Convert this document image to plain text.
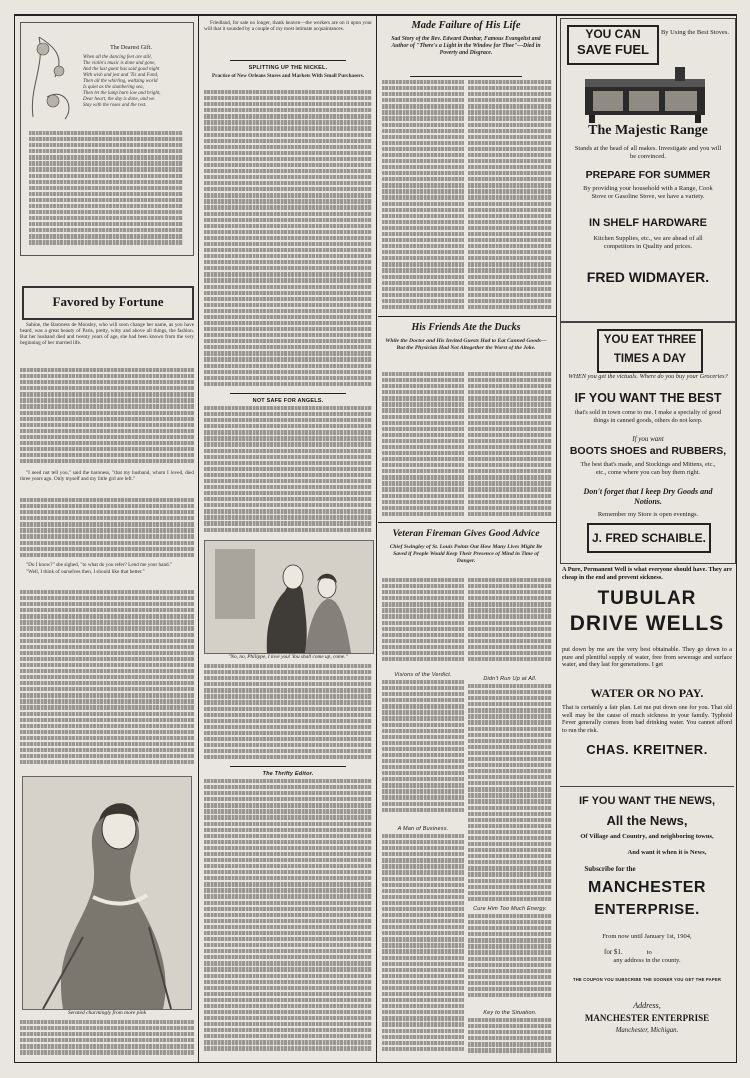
The Dearest Gift.
When all the dancing feet are still,
The violin's music is done and gone,
And the last guest has said good night
With wish and jest and 'Tis and Fond,
Then all the whirling, waltzing world
Is quiet as the slumbering sea,
Then let the lamp burn low and bright,
Dear heart, the day is done, and we
Stay with the roses and the rest.
Favored by Fortune

Sabine, the Baroness de Monsley, who will soon change her name, as you have heard, was a great beauty of Paris, pretty, witty and above all things, the fashion. But her husband died and twenty years of age, she had been known from the very beginning of her married life.

"I need not tell you," said the baroness, "that my husband, whom I loved, died three years ago. Only myself and my little girl are left."

"Do I know?" she sighed, "to what do you refer? Lend me your hand."

"Well, I think of ourselves then, I should like that better."

Serated charmingly from more pink

Friedland, for sale no longer, thank heaven—the workers are on it upon your will that it sounded by a couple of my most intimate acquaintances.

SPLITTING UP THE NICKEL.
Practice of New Orleans Stores and Markets With Small Purchasers.
NOT SAFE FOR ANGELS.
"No, no, Philippe, I love you! You shall come up, come."
The Thrifty Editor.
Made Failure of His Life
Sad Story of the Rev. Edward Dunbar, Famous Evangelist and Author of "There's a Light in the Window for Thee"—Died in Poverty and Disgrace.
His Friends Ate the Ducks
While the Doctor and His Invited Guests Had to Eat Canned Goods—But the Physician Had Not Altogether the Worst of the Joke.
Veteran Fireman Gives Good Advice
Chief Swingley of St. Louis Points Out How Many Lives Might Be Saved if People Would Keep Their Presence of Mind in Time of Danger.
Visions of the Verdict.
A Man of Business.
Didn't Run Up at All.
Cure Him Too Much Energy.
Key to the Situation.
YOU CAN
SAVE FUEL
By Using the Best Stoves.
The Majestic Range
Stands at the head of all makes. Investigate and you will be convinced.
PREPARE FOR SUMMER
By providing your household with a Range, Cook Stove or Gasoline Stove, we have a variety.
IN SHELF HARDWARE
Kitchen Supplies, etc., we are ahead of all competitors in Quality and prices.
FRED WIDMAYER.
YOU EAT THREE
TIMES A DAY
WHEN you get the victuals. Where do you buy your Groceries?
IF YOU WANT THE BEST
that's sold in town come to me. I make a specialty of good things in canned goods, others do not keep.
If you want
BOOTS SHOES and RUBBERS,
The best that's made, and Stockings and Mittens, etc., etc., come where you can buy them right.
Don't forget that I keep Dry Goods and Notions.
Remember my Store is open evenings.
J. FRED SCHAIBLE.
A Pure, Permanent Well is what everyone should have. They are cheap in the end and prevent sickness.
TUBULAR
DRIVE WELLS
put down by me are the very best obtainable. They go down to a pure and plentiful supply of water, free from sewerage and surface water, and they last for generations. I get
WATER OR NO PAY.
That is certainly a fair plan. Let me put down one for you. That old well may be the cause of much sickness in your family. Typhoid Fever generally comes from bad drinking water. You cannot afford to run the risk.
CHAS. KREITNER.
IF YOU WANT THE NEWS,
All the News,
Of Village and Country, and neighboring towns,
And want it when it is News,
Subscribe for the
MANCHESTER
ENTERPRISE.
From now until January 1st, 1904,
for $1.	to
any address in the county.
THE COUPON YOU SUBSCRIBE THE SOONER YOU GET THE PAPER
Address,
MANCHESTER ENTERPRISE
Manchester, Michigan.
